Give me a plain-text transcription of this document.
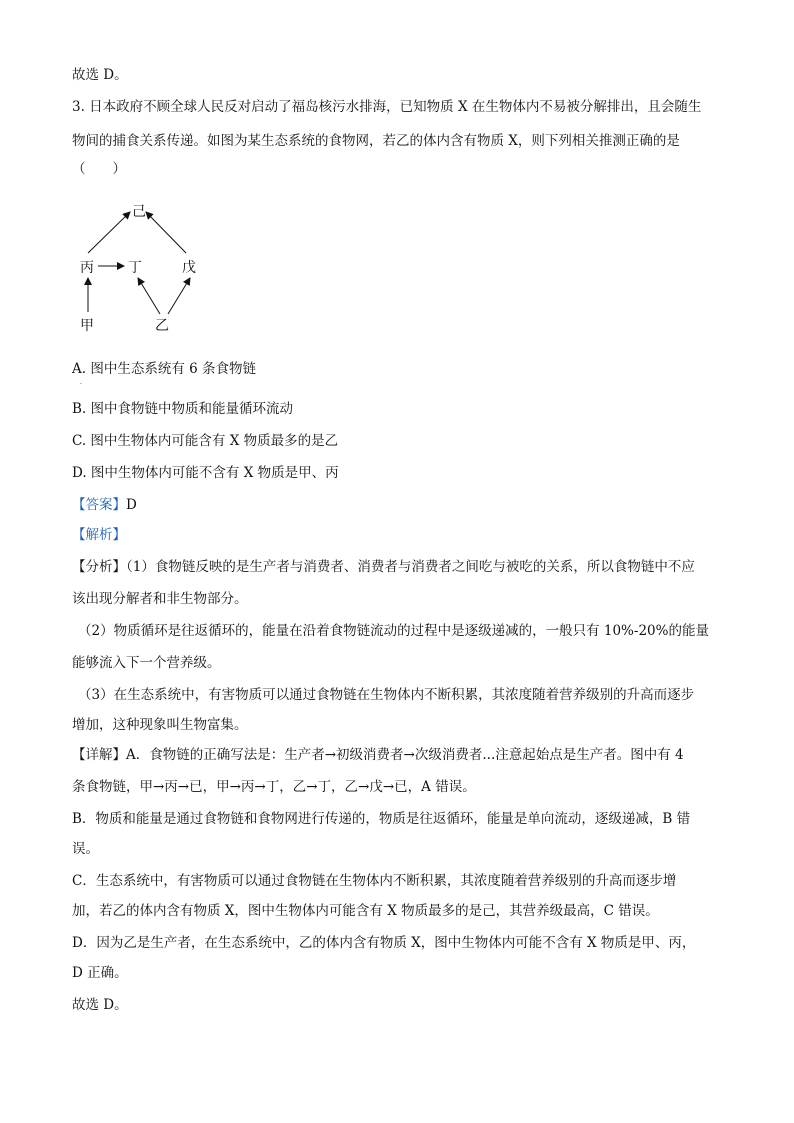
故选 D。
3. 日本政府不顾全球人民反对启动了福岛核污水排海，已知物质 X 在生物体内不易被分解排出，且会随生
物间的捕食关系传递。如图为某生态系统的食物网，若乙的体内含有物质 X，则下列相关推测正确的是
（　　）
己
丙 丁	戊
甲	乙
A. 图中生态系统有 6 条食物链
·
B. 图中食物链中物质和能量循环流动
C. 图中生物体内可能含有 X 物质最多的是乙
D. 图中生物体内可能不含有 X 物质是甲、丙
【答案】D
【解析】
【分析】（1）食物链反映的是生产者与消费者、消费者与消费者之间吃与被吃的关系，所以食物链中不应
该出现分解者和非生物部分。
（2）物质循环是往返循环的，能量在沿着食物链流动的过程中是逐级递减的，一般只有 10%-20%的能量
能够流入下一个营养级。
（3）在生态系统中，有害物质可以通过食物链在生物体内不断积累，其浓度随着营养级别的升高而逐步
增加，这种现象叫生物富集。
【详解】A．食物链的正确写法是：生产者→初级消费者→次级消费者...注意起始点是生产者。图中有 4
条食物链，甲→丙→已，甲→丙→丁，乙→丁，乙→戊→已，A 错误。
B．物质和能量是通过食物链和食物网进行传递的，物质是往返循环，能量是单向流动，逐级递减，B 错
误。
C．生态系统中，有害物质可以通过食物链在生物体内不断积累，其浓度随着营养级别的升高而逐步增
加，若乙的体内含有物质 X，图中生物体内可能含有 X 物质最多的是己，其营养级最高，C 错误。
D．因为乙是生产者，在生态系统中，乙的体内含有物质 X，图中生物体内可能不含有 X 物质是甲、丙，
D 正确。
故选 D。
